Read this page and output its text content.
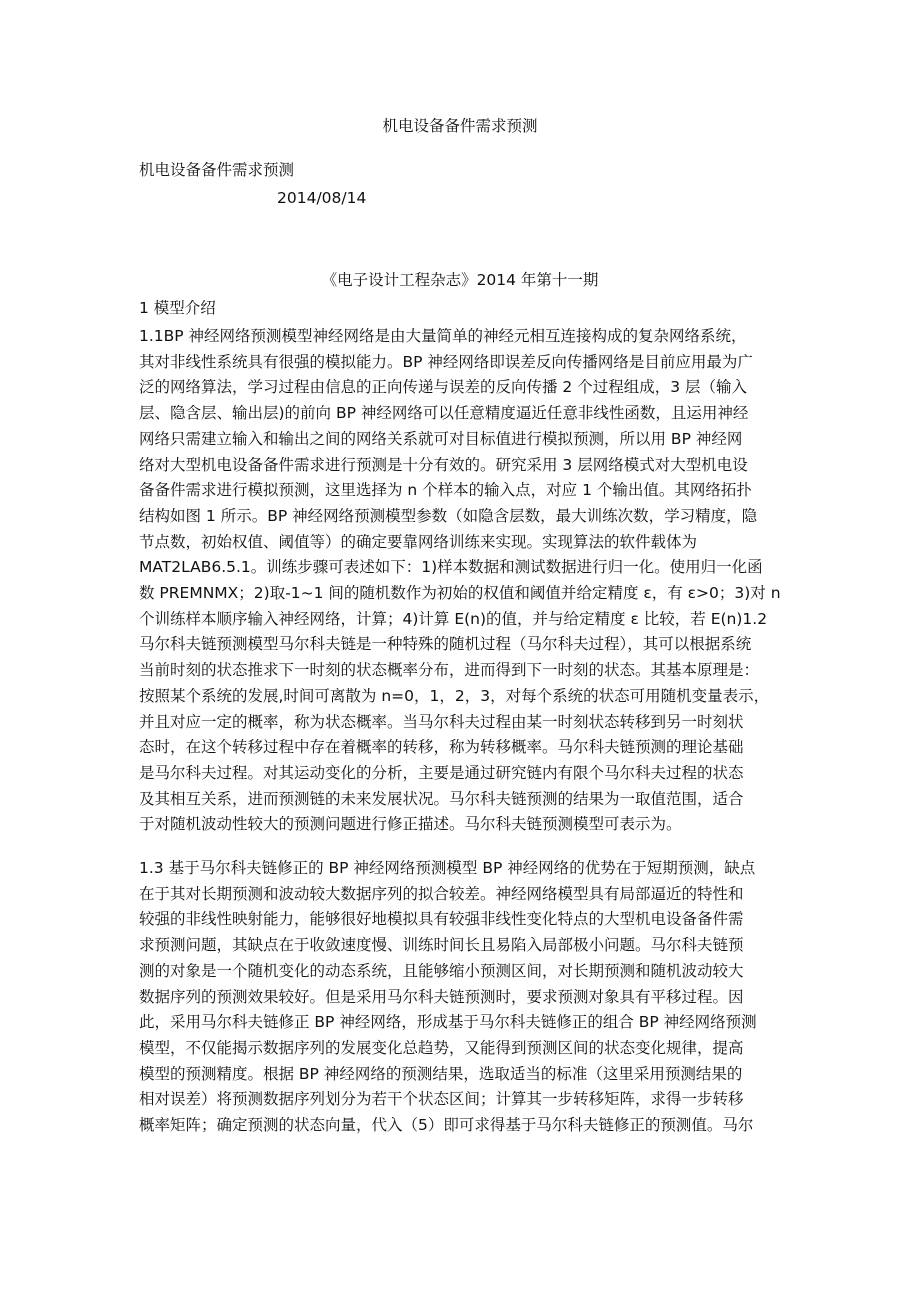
机电设备备件需求预测
机电设备备件需求预测
2014/08/14
《电子设计工程杂志》2014 年第十一期
1 模型介绍
1.1BP 神经网络预测模型神经网络是由大量简单的神经元相互连接构成的复杂网络系统，
其对非线性系统具有很强的模拟能力。BP 神经网络即误差反向传播网络是目前应用最为广
泛的网络算法，学习过程由信息的正向传递与误差的反向传播 2 个过程组成，3 层（输入
层、隐含层、输出层)的前向 BP 神经网络可以任意精度逼近任意非线性函数，且运用神经
网络只需建立输入和输出之间的网络关系就可对目标值进行模拟预测，所以用 BP 神经网
络对大型机电设备备件需求进行预测是十分有效的。研究采用 3 层网络模式对大型机电设
备备件需求进行模拟预测，这里选择为 n 个样本的输入点，对应 1 个输出值。其网络拓扑
结构如图 1 所示。BP 神经网络预测模型参数（如隐含层数，最大训练次数，学习精度，隐
节点数，初始权值、阈值等）的确定要靠网络训练来实现。实现算法的软件载体为
MAT2LAB6.5.1。训练步骤可表述如下：1)样本数据和测试数据进行归一化。使用归一化函
数 PREMNMX；2)取-1~1 间的随机数作为初始的权值和阈值并给定精度 ε，有 ε>0；3)对 n
个训练样本顺序输入神经网络，计算；4)计算 E(n)的值，并与给定精度 ε 比较，若 E(n)1.2
马尔科夫链预测模型马尔科夫链是一种特殊的随机过程（马尔科夫过程），其可以根据系统
当前时刻的状态推求下一时刻的状态概率分布，进而得到下一时刻的状态。其基本原理是：
按照某个系统的发展,时间可离散为 n=0，1，2，3，对每个系统的状态可用随机变量表示，
并且对应一定的概率，称为状态概率。当马尔科夫过程由某一时刻状态转移到另一时刻状
态时，在这个转移过程中存在着概率的转移，称为转移概率。马尔科夫链预测的理论基础
是马尔科夫过程。对其运动变化的分析，主要是通过研究链内有限个马尔科夫过程的状态
及其相互关系，进而预测链的未来发展状况。马尔科夫链预测的结果为一取值范围，适合
于对随机波动性较大的预测问题进行修正描述。马尔科夫链预测模型可表示为。
1.3 基于马尔科夫链修正的 BP 神经网络预测模型 BP 神经网络的优势在于短期预测，缺点
在于其对长期预测和波动较大数据序列的拟合较差。神经网络模型具有局部逼近的特性和
较强的非线性映射能力，能够很好地模拟具有较强非线性变化特点的大型机电设备备件需
求预测问题，其缺点在于收敛速度慢、训练时间长且易陷入局部极小问题。马尔科夫链预
测的对象是一个随机变化的动态系统，且能够缩小预测区间，对长期预测和随机波动较大
数据序列的预测效果较好。但是采用马尔科夫链预测时，要求预测对象具有平移过程。因
此，采用马尔科夫链修正 BP 神经网络，形成基于马尔科夫链修正的组合 BP 神经网络预测
模型，不仅能揭示数据序列的发展变化总趋势，又能得到预测区间的状态变化规律，提高
模型的预测精度。根据 BP 神经网络的预测结果，选取适当的标准（这里采用预测结果的
相对误差）将预测数据序列划分为若干个状态区间；计算其一步转移矩阵，求得一步转移
概率矩阵；确定预测的状态向量，代入（5）即可求得基于马尔科夫链修正的预测值。马尔
